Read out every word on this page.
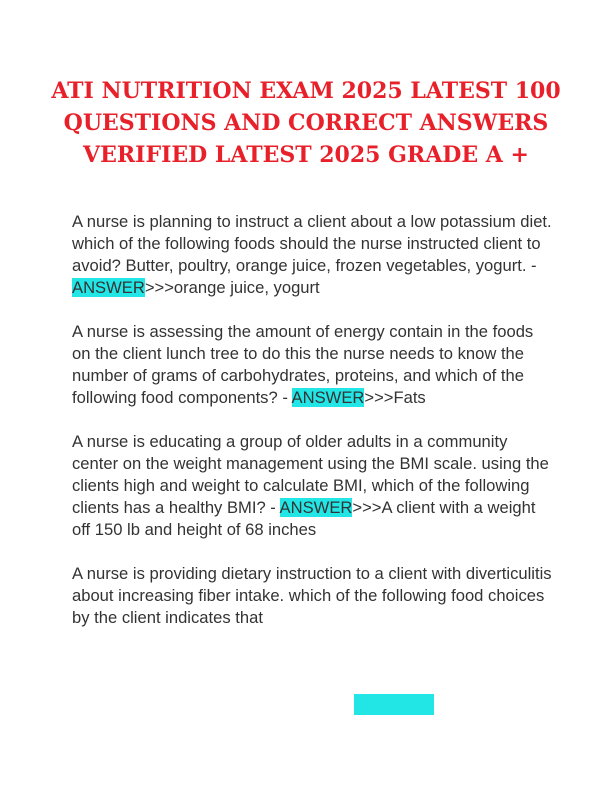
ATI NUTRITION EXAM 2025 LATEST 100
QUESTIONS AND CORRECT ANSWERS
VERIFIED LATEST 2025 GRADE A +

A nurse is planning to instruct a client about a low potassium diet. which of the following foods should the nurse instructed client to avoid? Butter, poultry, orange juice, frozen vegetables, yogurt. - ANSWER>>>orange juice, yogurt

A nurse is assessing the amount of energy contain in the foods on the client lunch tree to do this the nurse needs to know the number of grams of carbohydrates, proteins, and which of the following food components? - ANSWER>>>Fats

A nurse is educating a group of older adults in a community center on the weight management using the BMI scale. using the clients high and weight to calculate BMI, which of the following clients has a healthy BMI? - ANSWER>>>A client with a weight off 150 lb and height of 68 inches

A nurse is providing dietary instruction to a client with diverticulitis about increasing fiber intake. which of the following food choices by the client indicates that
